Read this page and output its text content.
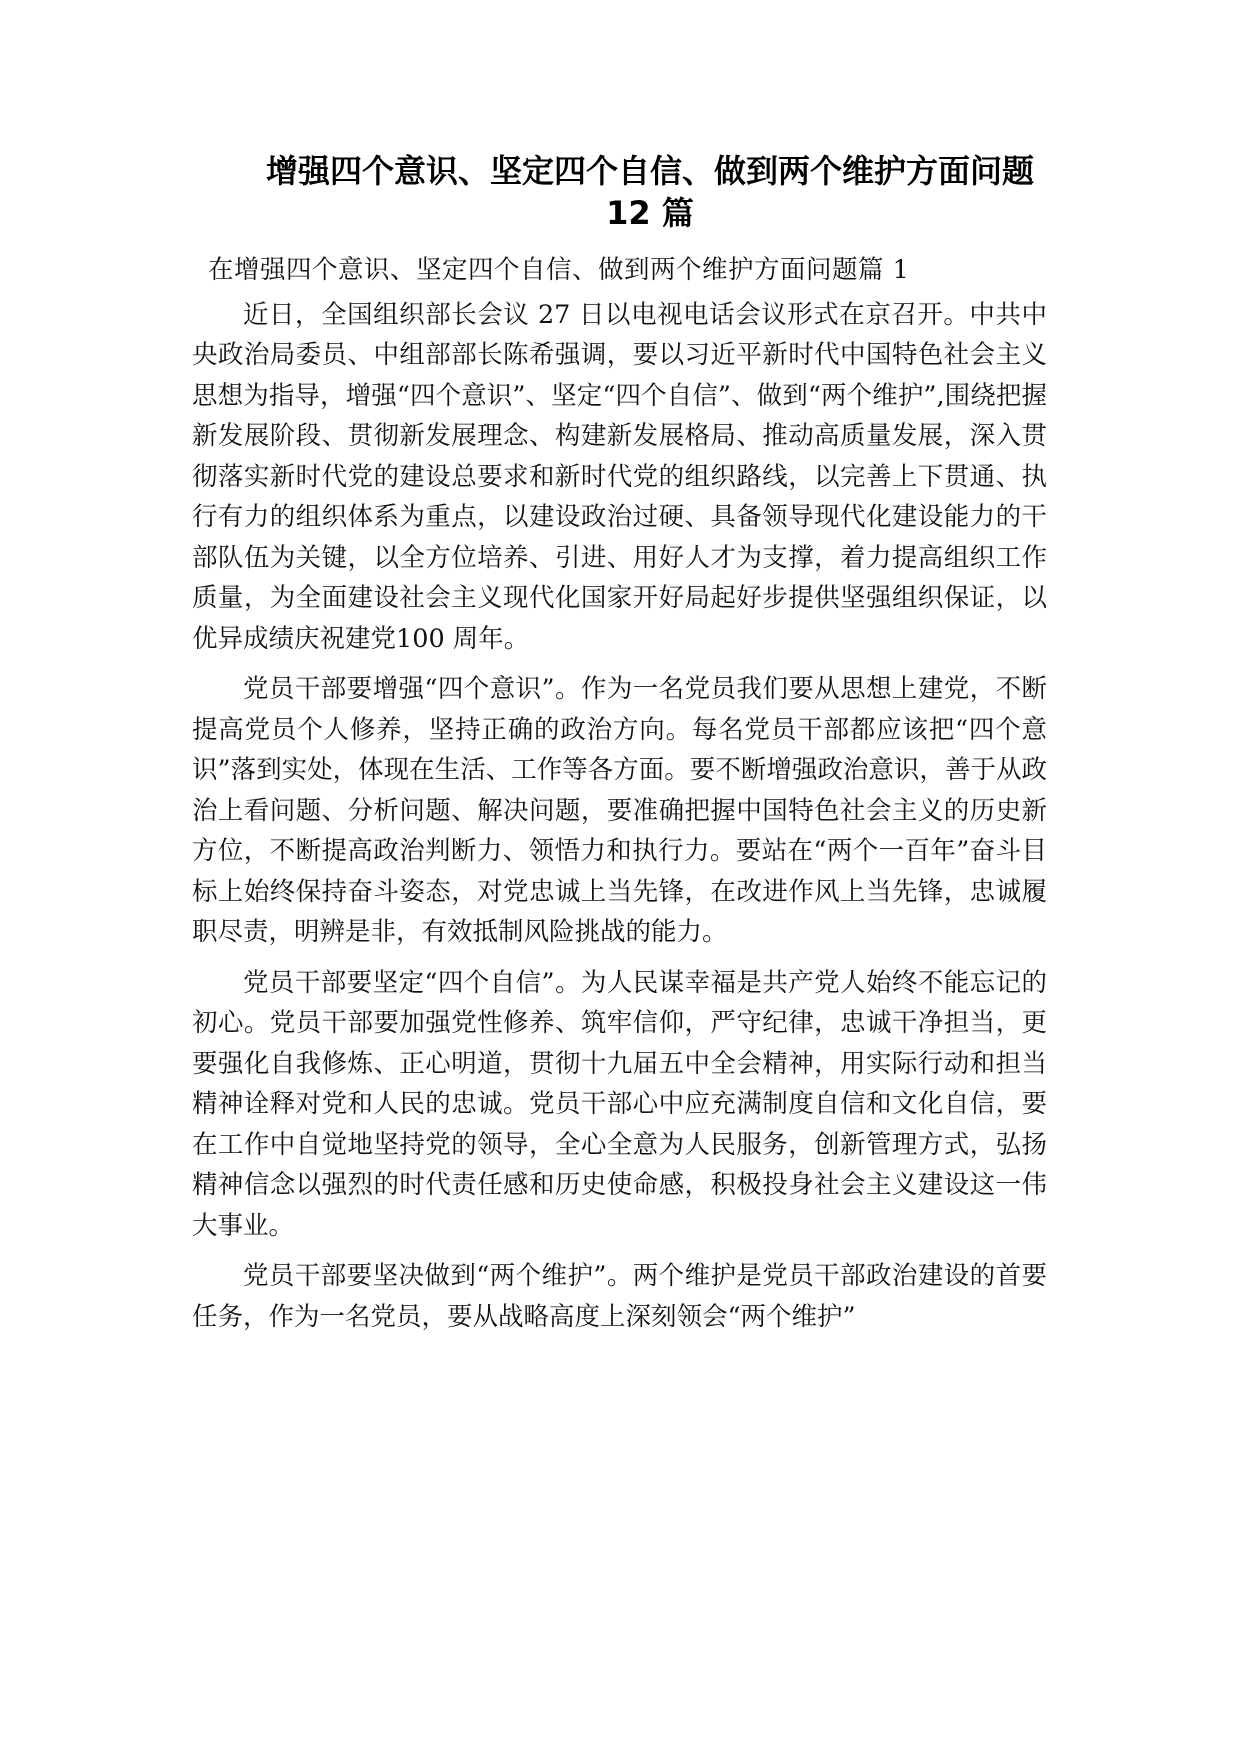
增强四个意识、坚定四个自信、做到两个维护方面问题
12 篇

在增强四个意识、坚定四个自信、做到两个维护方面问题篇 1

近日，全国组织部长会议 27 日以电视电话会议形式在京召开。中共中央政治局委员、中组部部长陈希强调，要以习近平新时代中国特色社会主义思想为指导，增强“四个意识”、坚定“四个自信”、做到“两个维护”,围绕把握新发展阶段、贯彻新发展理念、构建新发展格局、推动高质量发展，深入贯彻落实新时代党的建设总要求和新时代党的组织路线，以完善上下贯通、执行有力的组织体系为重点，以建设政治过硬、具备领导现代化建设能力的干部队伍为关键，以全方位培养、引进、用好人才为支撑，着力提高组织工作质量，为全面建设社会主义现代化国家开好局起好步提供坚强组织保证，以优异成绩庆祝建党100 周年。

党员干部要增强“四个意识”。作为一名党员我们要从思想上建党，不断提高党员个人修养，坚持正确的政治方向。每名党员干部都应该把“四个意识”落到实处，体现在生活、工作等各方面。要不断增强政治意识，善于从政治上看问题、分析问题、解决问题，要准确把握中国特色社会主义的历史新方位，不断提高政治判断力、领悟力和执行力。要站在“两个一百年”奋斗目标上始终保持奋斗姿态，对党忠诚上当先锋，在改进作风上当先锋，忠诚履职尽责，明辨是非，有效抵制风险挑战的能力。

党员干部要坚定“四个自信”。为人民谋幸福是共产党人始终不能忘记的初心。党员干部要加强党性修养、筑牢信仰，严守纪律，忠诚干净担当，更要强化自我修炼、正心明道，贯彻十九届五中全会精神，用实际行动和担当精神诠释对党和人民的忠诚。党员干部心中应充满制度自信和文化自信，要在工作中自觉地坚持党的领导，全心全意为人民服务，创新管理方式，弘扬精神信念以强烈的时代责任感和历史使命感，积极投身社会主义建设这一伟大事业。

党员干部要坚决做到“两个维护”。两个维护是党员干部政治建设的首要任务，作为一名党员，要从战略高度上深刻领会“两个维护”
